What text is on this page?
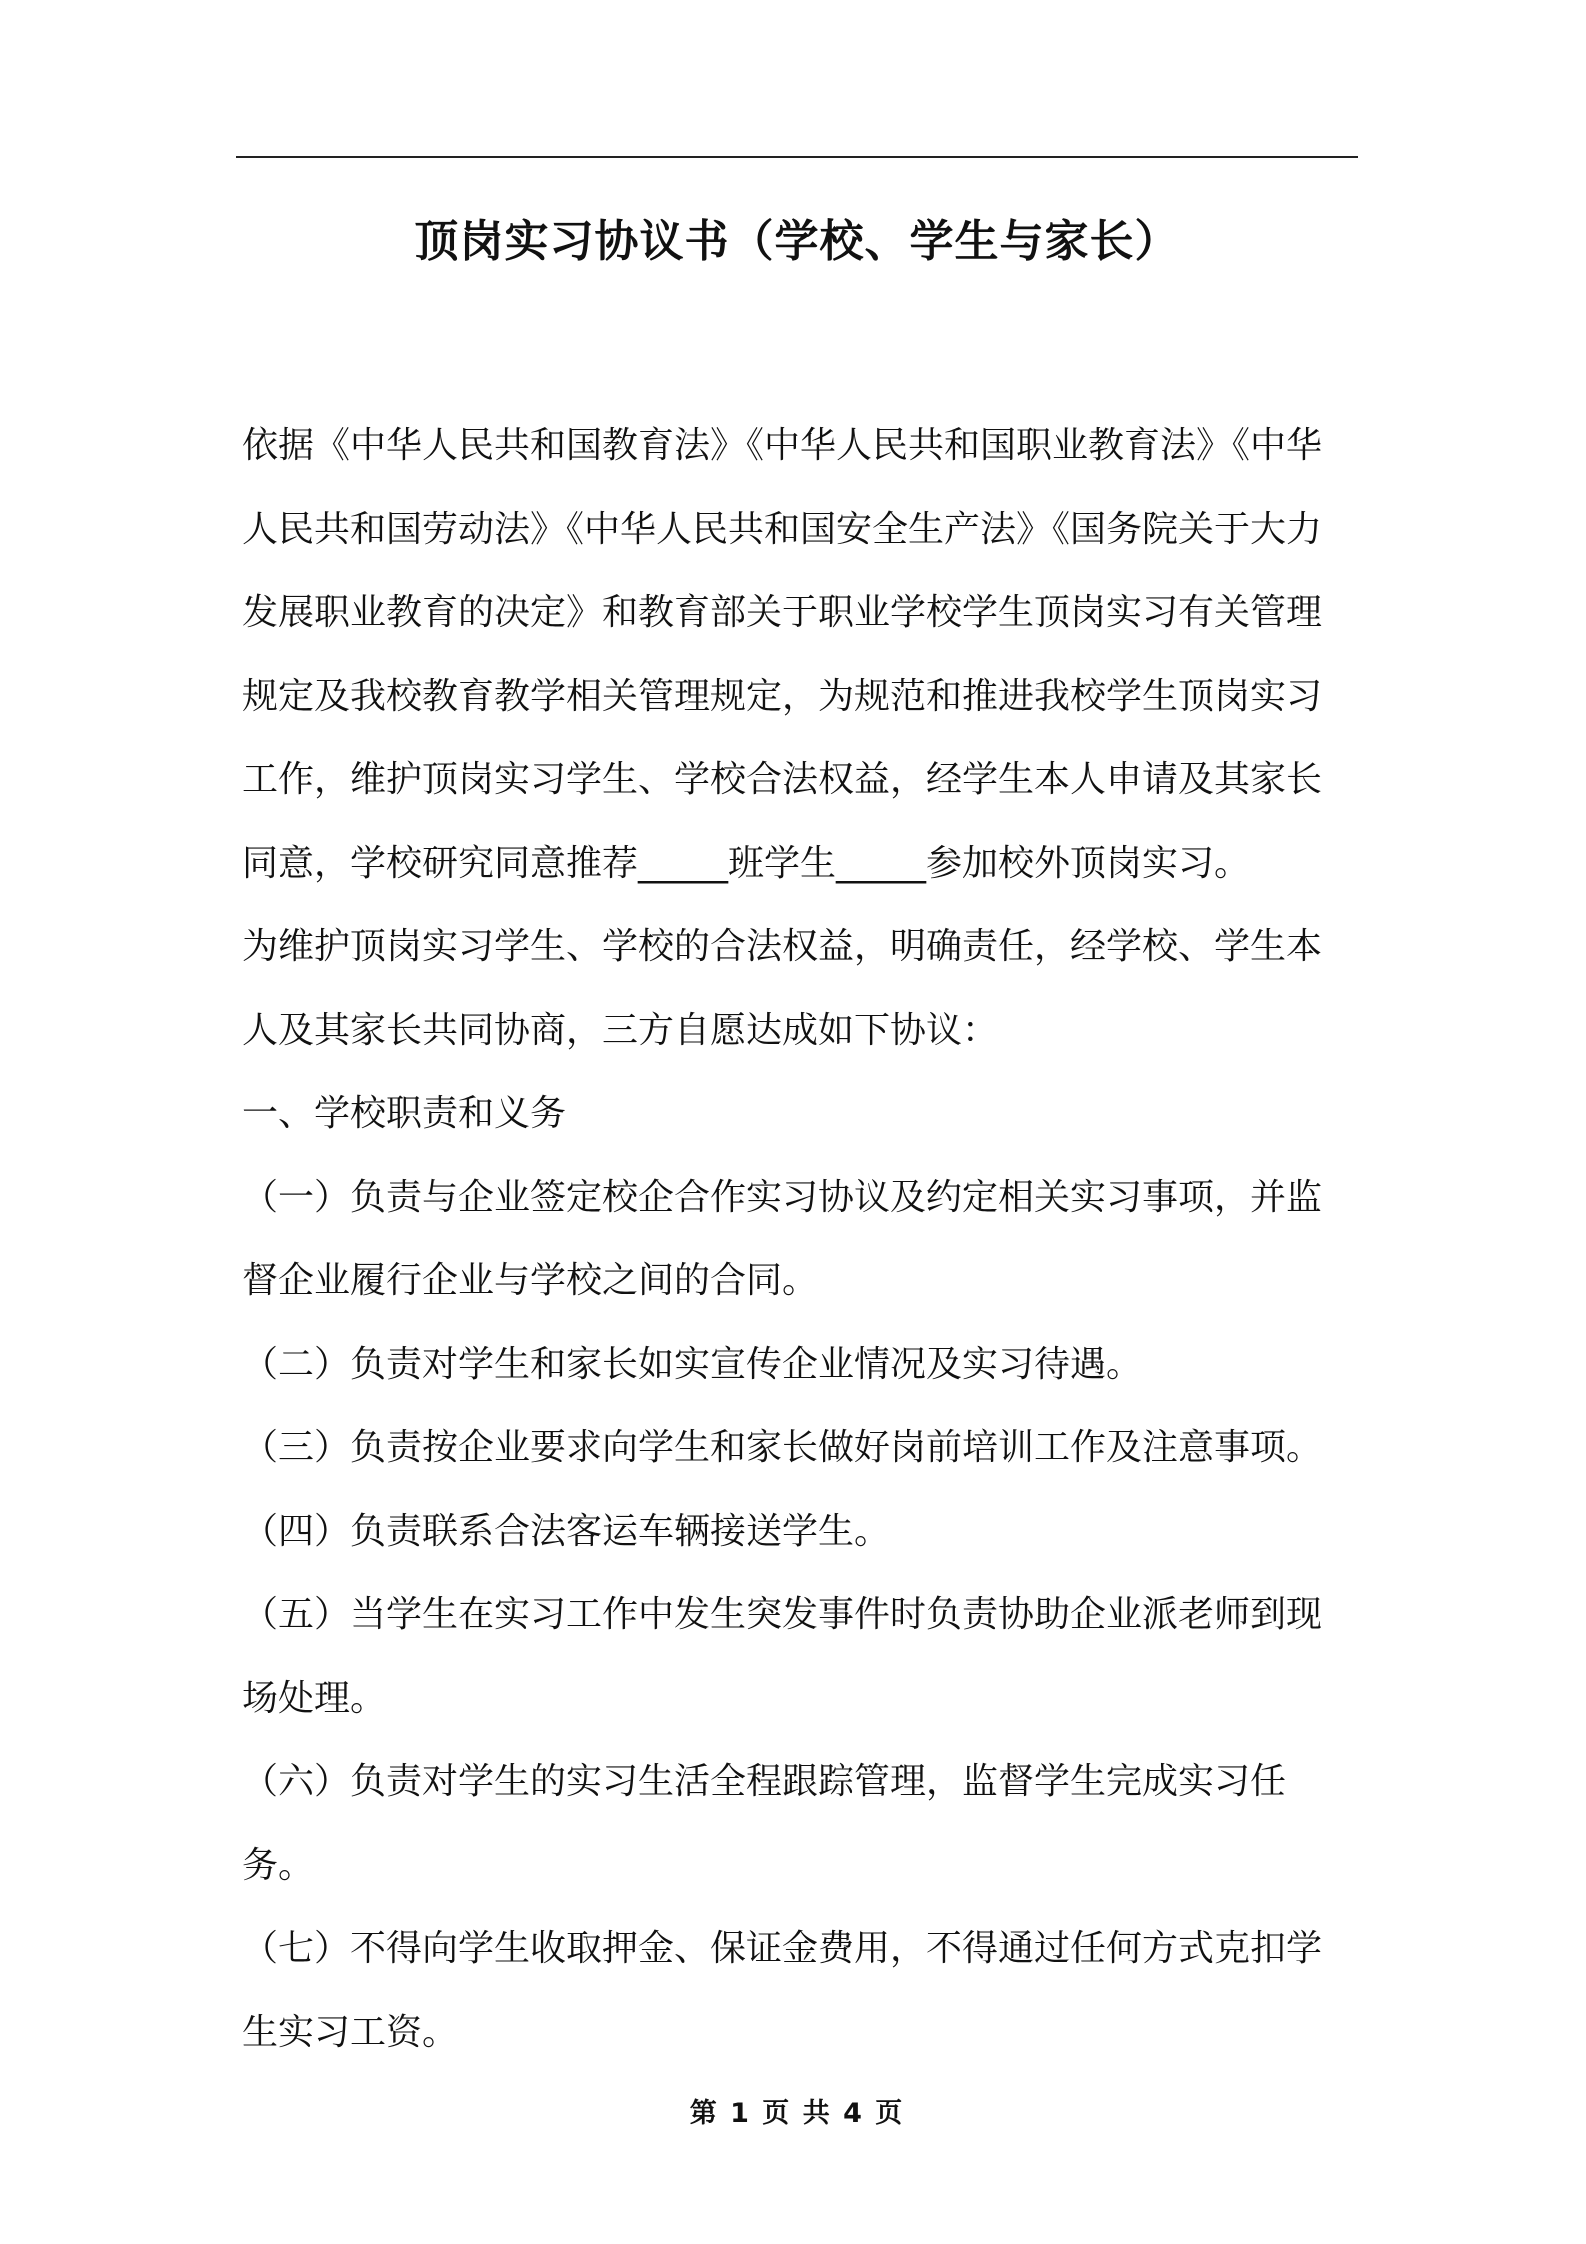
顶岗实习协议书（学校、学生与家长）

依据《中华人民共和国教育法》《中华人民共和国职业教育法》《中华人民共和国劳动法》《中华人民共和国安全生产法》《国务院关于大力发展职业教育的决定》和教育部关于职业学校学生顶岗实习有关管理规定及我校教育教学相关管理规定，为规范和推进我校学生顶岗实习工作，维护顶岗实习学生、学校合法权益，经学生本人申请及其家长同意，学校研究同意推荐_____班学生_____参加校外顶岗实习。

为维护顶岗实习学生、学校的合法权益，明确责任，经学校、学生本人及其家长共同协商，三方自愿达成如下协议：

一、学校职责和义务

（一）负责与企业签定校企合作实习协议及约定相关实习事项，并监督企业履行企业与学校之间的合同。

（二）负责对学生和家长如实宣传企业情况及实习待遇。

（三）负责按企业要求向学生和家长做好岗前培训工作及注意事项。

（四）负责联系合法客运车辆接送学生。

（五）当学生在实习工作中发生突发事件时负责协助企业派老师到现场处理。

（六）负责对学生的实习生活全程跟踪管理，监督学生完成实习任务。

（七）不得向学生收取押金、保证金费用，不得通过任何方式克扣学生实习工资。

第 1 页 共 4 页
